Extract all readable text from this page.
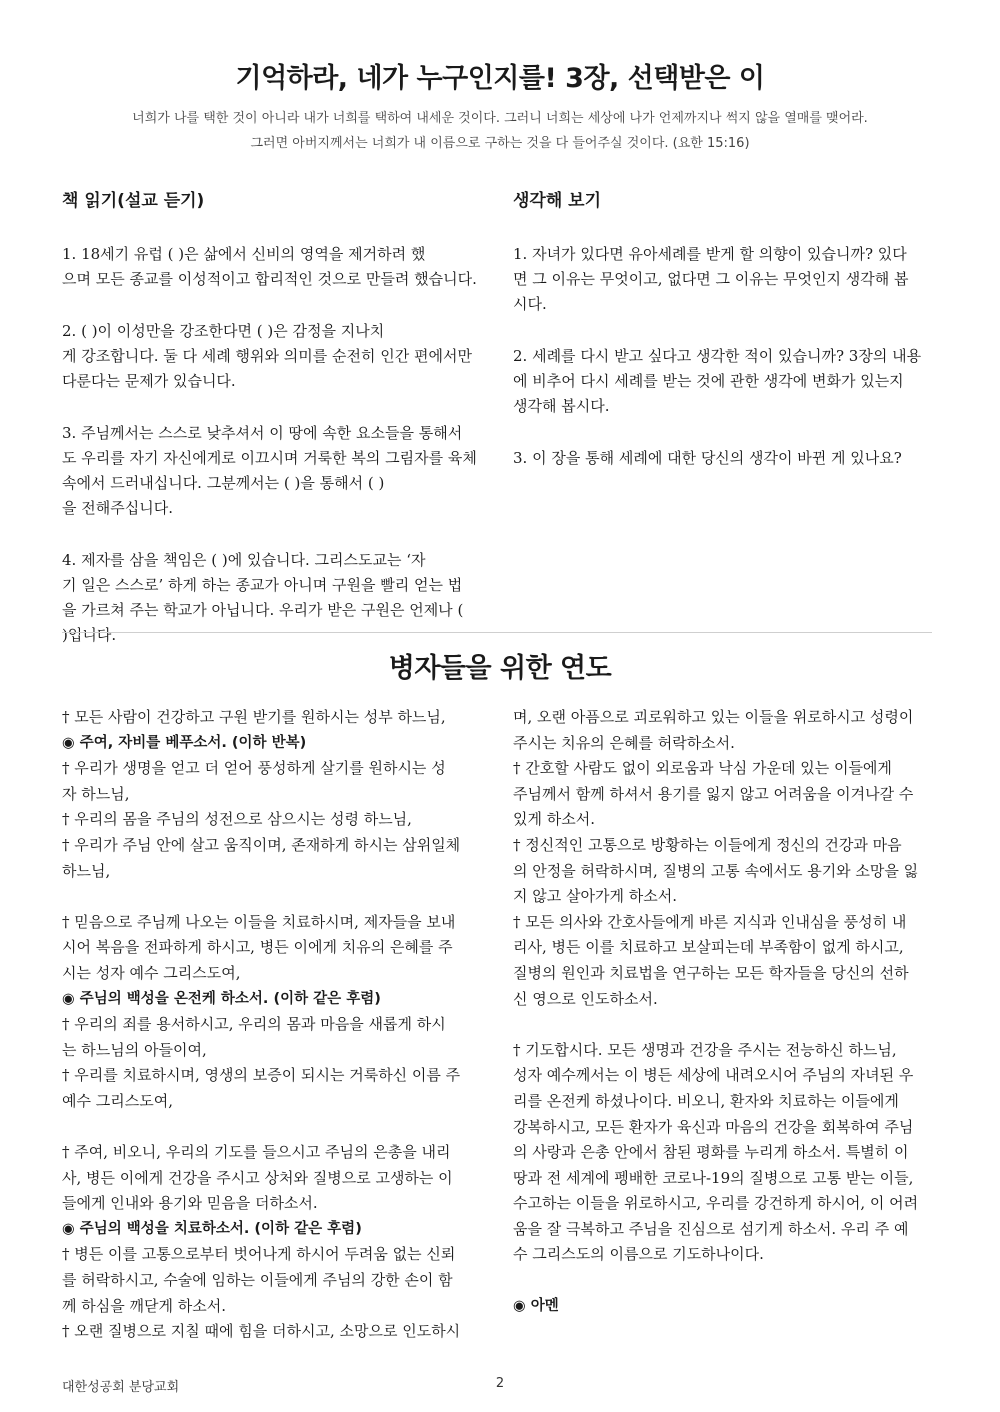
기억하라, 네가 누구인지를! 3장, 선택받은 이
너희가 나를 택한 것이 아니라 내가 너희를 택하여 내세운 것이다. 그러니 너희는 세상에 나가 언제까지나 썩지 않을 열매를 맺어라.
그러면 아버지께서는 너희가 내 이름으로 구하는 것을 다 들어주실 것이다. (요한 15:16)
책 읽기(설교 듣기)	생각해 보기

1. 18세기 유럽 ( )은 삶에서 신비의 영역을 제거하려 했
으며 모든 종교를 이성적이고 합리적인 것으로 만들려 했습니다.

2. ( )이 이성만을 강조한다면 ( )은 감정을 지나치
게 강조합니다. 둘 다 세례 행위와 의미를 순전히 인간 편에서만
다룬다는 문제가 있습니다.

3. 주님께서는 스스로 낮추셔서 이 땅에 속한 요소들을 통해서
도 우리를 자기 자신에게로 이끄시며 거룩한 복의 그림자를 육체
속에서 드러내십니다. 그분께서는 ( )을 통해서 ( )
을 전해주십니다.

4. 제자를 삼을 책임은 ( )에 있습니다. 그리스도교는 ‘자
기 일은 스스로’ 하게 하는 종교가 아니며 구원을 빨리 얻는 법
을 가르쳐 주는 학교가 아닙니다. 우리가 받은 구원은 언제나 (
)입니다.

1. 자녀가 있다면 유아세례를 받게 할 의향이 있습니까? 있다
면 그 이유는 무엇이고, 없다면 그 이유는 무엇인지 생각해 봅
시다.

2. 세례를 다시 받고 싶다고 생각한 적이 있습니까? 3장의 내용
에 비추어 다시 세례를 받는 것에 관한 생각에 변화가 있는지
생각해 봅시다.

3. 이 장을 통해 세례에 대한 당신의 생각이 바뀐 게 있나요?

병자들을 위한 연도
† 모든 사람이 건강하고 구원 받기를 원하시는 성부 하느님,
◉ 주여, 자비를 베푸소서. (이하 반복)
† 우리가 생명을 얻고 더 얻어 풍성하게 살기를 원하시는 성
자 하느님,
† 우리의 몸을 주님의 성전으로 삼으시는 성령 하느님,
† 우리가 주님 안에 살고 움직이며, 존재하게 하시는 삼위일체
하느님,
† 믿음으로 주님께 나오는 이들을 치료하시며, 제자들을 보내
시어 복음을 전파하게 하시고, 병든 이에게 치유의 은혜를 주
시는 성자 예수 그리스도여,
◉ 주님의 백성을 온전케 하소서. (이하 같은 후렴)
† 우리의 죄를 용서하시고, 우리의 몸과 마음을 새롭게 하시
는 하느님의 아들이여,
† 우리를 치료하시며, 영생의 보증이 되시는 거룩하신 이름 주
예수 그리스도여,
† 주여, 비오니, 우리의 기도를 들으시고 주님의 은총을 내리
사, 병든 이에게 건강을 주시고 상처와 질병으로 고생하는 이
들에게 인내와 용기와 믿음을 더하소서.
◉ 주님의 백성을 치료하소서. (이하 같은 후렴)
† 병든 이를 고통으로부터 벗어나게 하시어 두려움 없는 신뢰
를 허락하시고, 수술에 임하는 이들에게 주님의 강한 손이 함
께 하심을 깨닫게 하소서.
† 오랜 질병으로 지칠 때에 힘을 더하시고, 소망으로 인도하시
며, 오랜 아픔으로 괴로워하고 있는 이들을 위로하시고 성령이
주시는 치유의 은혜를 허락하소서.
† 간호할 사람도 없이 외로움과 낙심 가운데 있는 이들에게
주님께서 함께 하셔서 용기를 잃지 않고 어려움을 이겨나갈 수
있게 하소서.
† 정신적인 고통으로 방황하는 이들에게 정신의 건강과 마음
의 안정을 허락하시며, 질병의 고통 속에서도 용기와 소망을 잃
지 않고 살아가게 하소서.
† 모든 의사와 간호사들에게 바른 지식과 인내심을 풍성히 내
리사, 병든 이를 치료하고 보살피는데 부족함이 없게 하시고,
질병의 원인과 치료법을 연구하는 모든 학자들을 당신의 선하
신 영으로 인도하소서.
† 기도합시다. 모든 생명과 건강을 주시는 전능하신 하느님,
성자 예수께서는 이 병든 세상에 내려오시어 주님의 자녀된 우
리를 온전케 하셨나이다. 비오니, 환자와 치료하는 이들에게
강복하시고, 모든 환자가 육신과 마음의 건강을 회복하여 주님
의 사랑과 은총 안에서 참된 평화를 누리게 하소서. 특별히 이
땅과 전 세계에 펭배한 코로나-19의 질병으로 고통 받는 이들,
수고하는 이들을 위로하시고, 우리를 강건하게 하시어, 이 어려
움을 잘 극복하고 주님을 진심으로 섬기게 하소서. 우리 주 예
수 그리스도의 이름으로 기도하나이다.
◉ 아멘
대한성공회 분당교회	2
